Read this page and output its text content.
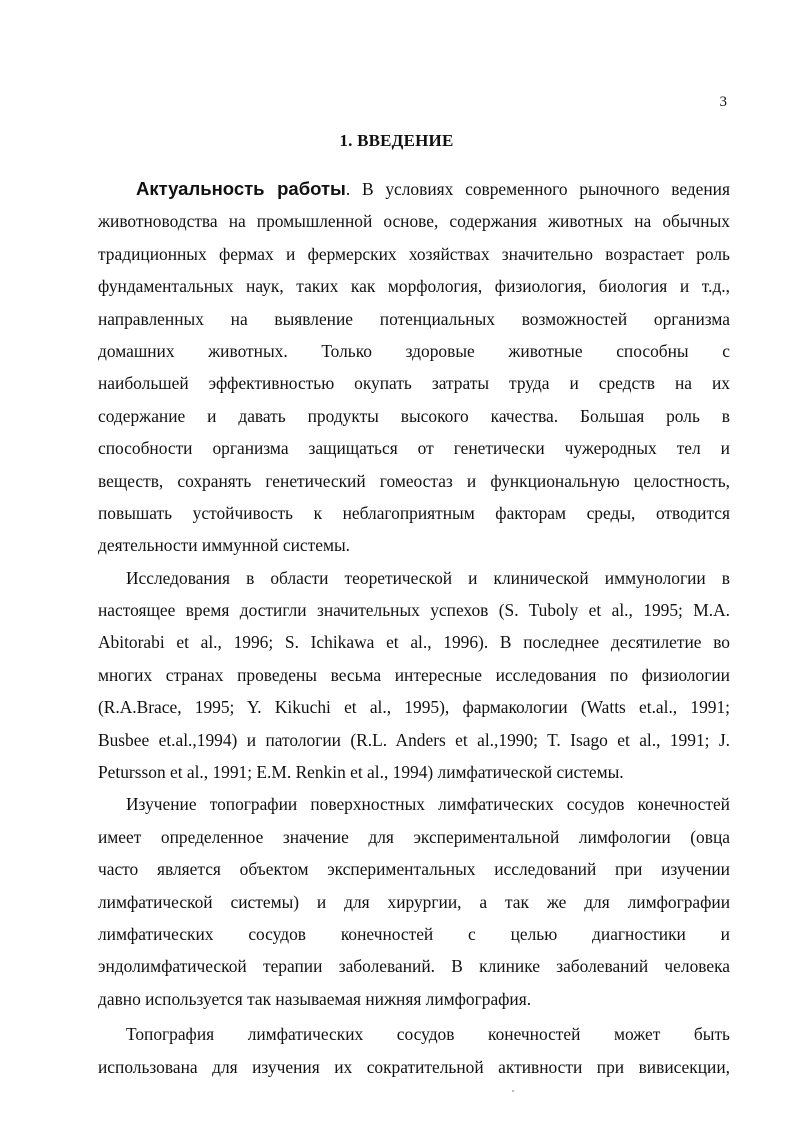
3
1. ВВЕДЕНИЕ
Актуальность работы. В условиях современного рыночного ведения
животноводства на промышленной основе, содержания животных на обычных
традиционных фермах и фермерских хозяйствах значительно возрастает роль
фундаментальных наук, таких как морфология, физиология, биология и т.д.,
направленных на выявление потенциальных возможностей организма
домашних животных. Только здоровые животные способны с
наибольшей эффективностью окупать затраты труда и средств на их
содержание и давать продукты высокого качества. Большая роль в
способности организма защищаться от генетически чужеродных тел и
веществ, сохранять генетический гомеостаз и функциональную целостность,
повышать устойчивость к неблагоприятным факторам среды, отводится
деятельности иммунной системы.
Исследования в области теоретической и клинической иммунологии в
настоящее время достигли значительных успехов (S. Tuboly et al., 1995; M.A.
Abitorabi et al., 1996; S. Ichikawa et al., 1996). В последнее десятилетие во
многих странах проведены весьма интересные исследования по физиологии
(R.A.Brace, 1995; Y. Kikuchi et al., 1995), фармакологии (Watts et.al., 1991;
Busbee et.al.,1994) и патологии (R.L. Anders et al.,1990; T. Isago et al., 1991; J.
Petursson et al., 1991; E.M. Renkin et al., 1994) лимфатической системы.
Изучение топографии поверхностных лимфатических сосудов конечностей
имеет определенное значение для экспериментальной лимфологии (овца
часто является объектом экспериментальных исследований при изучении
лимфатической системы) и для хирургии, а так же для лимфографии
лимфатических сосудов конечностей с целью диагностики и
эндолимфатической терапии заболеваний. В клинике заболеваний человека
давно используется так называемая нижняя лимфография.
Топография лимфатических сосудов конечностей может быть
использована для изучения их сократительной активности при вивисекции,
